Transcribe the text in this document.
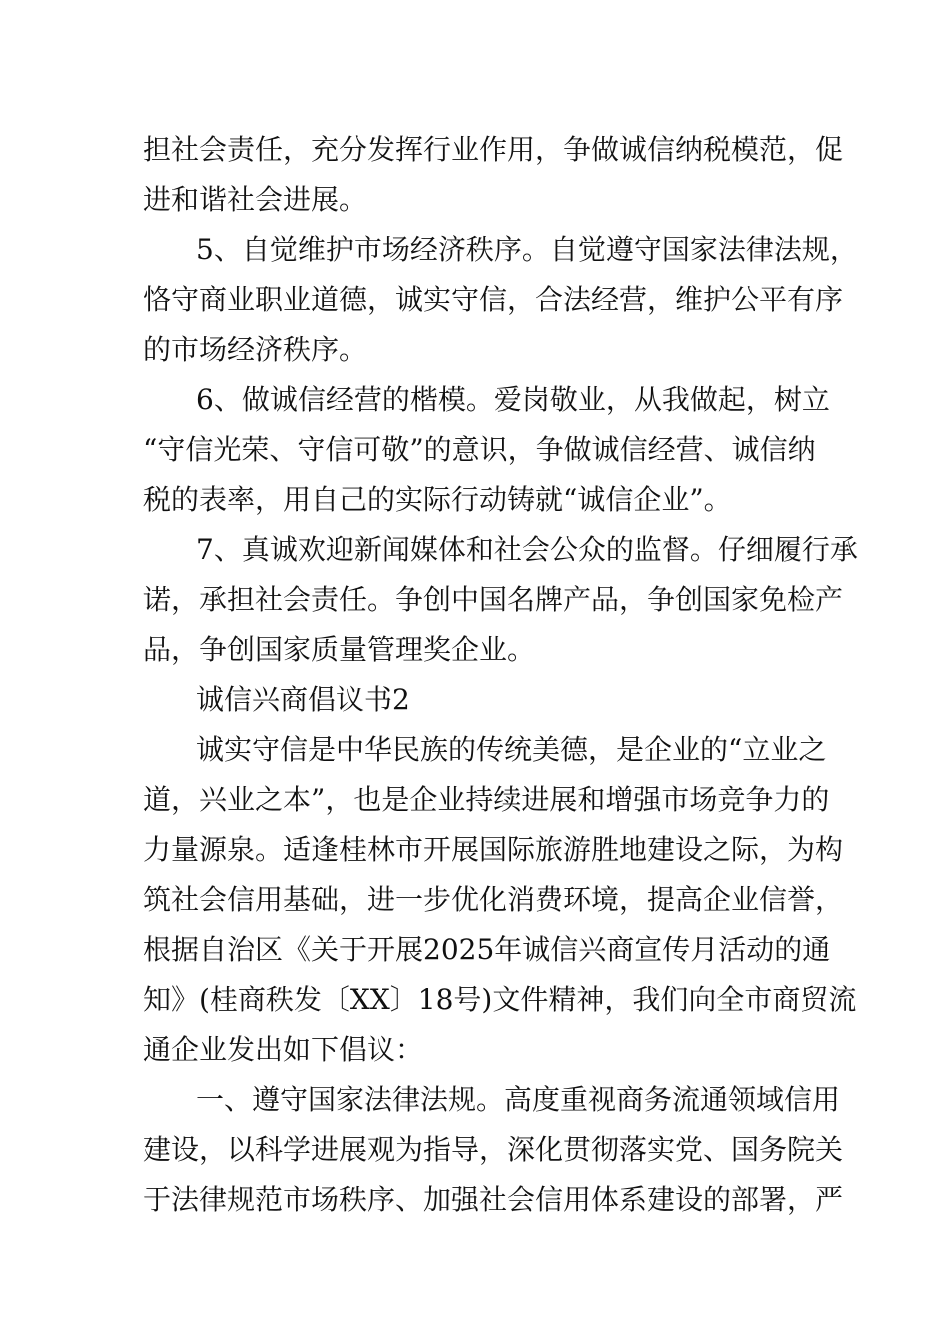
担社会责任，充分发挥行业作用，争做诚信纳税模范，促
进和谐社会进展。
5、自觉维护市场经济秩序。自觉遵守国家法律法规，
恪守商业职业道德，诚实守信，合法经营，维护公平有序
的市场经济秩序。
6、做诚信经营的楷模。爱岗敬业，从我做起，树立
“守信光荣、守信可敬”的意识，争做诚信经营、诚信纳
税的表率，用自己的实际行动铸就“诚信企业”。
7、真诚欢迎新闻媒体和社会公众的监督。仔细履行承
诺，承担社会责任。争创中国名牌产品，争创国家免检产
品，争创国家质量管理奖企业。
诚信兴商倡议书2
诚实守信是中华民族的传统美德，是企业的“立业之
道，兴业之本”，也是企业持续进展和增强市场竞争力的
力量源泉。适逢桂林市开展国际旅游胜地建设之际，为构
筑社会信用基础，进一步优化消费环境，提高企业信誉，
根据自治区《关于开展2025年诚信兴商宣传月活动的通
知》(桂商秩发〔XX〕18号)文件精神，我们向全市商贸流
通企业发出如下倡议：
一、遵守国家法律法规。高度重视商务流通领域信用
建设，以科学进展观为指导，深化贯彻落实党、国务院关
于法律规范市场秩序、加强社会信用体系建设的部署，严
